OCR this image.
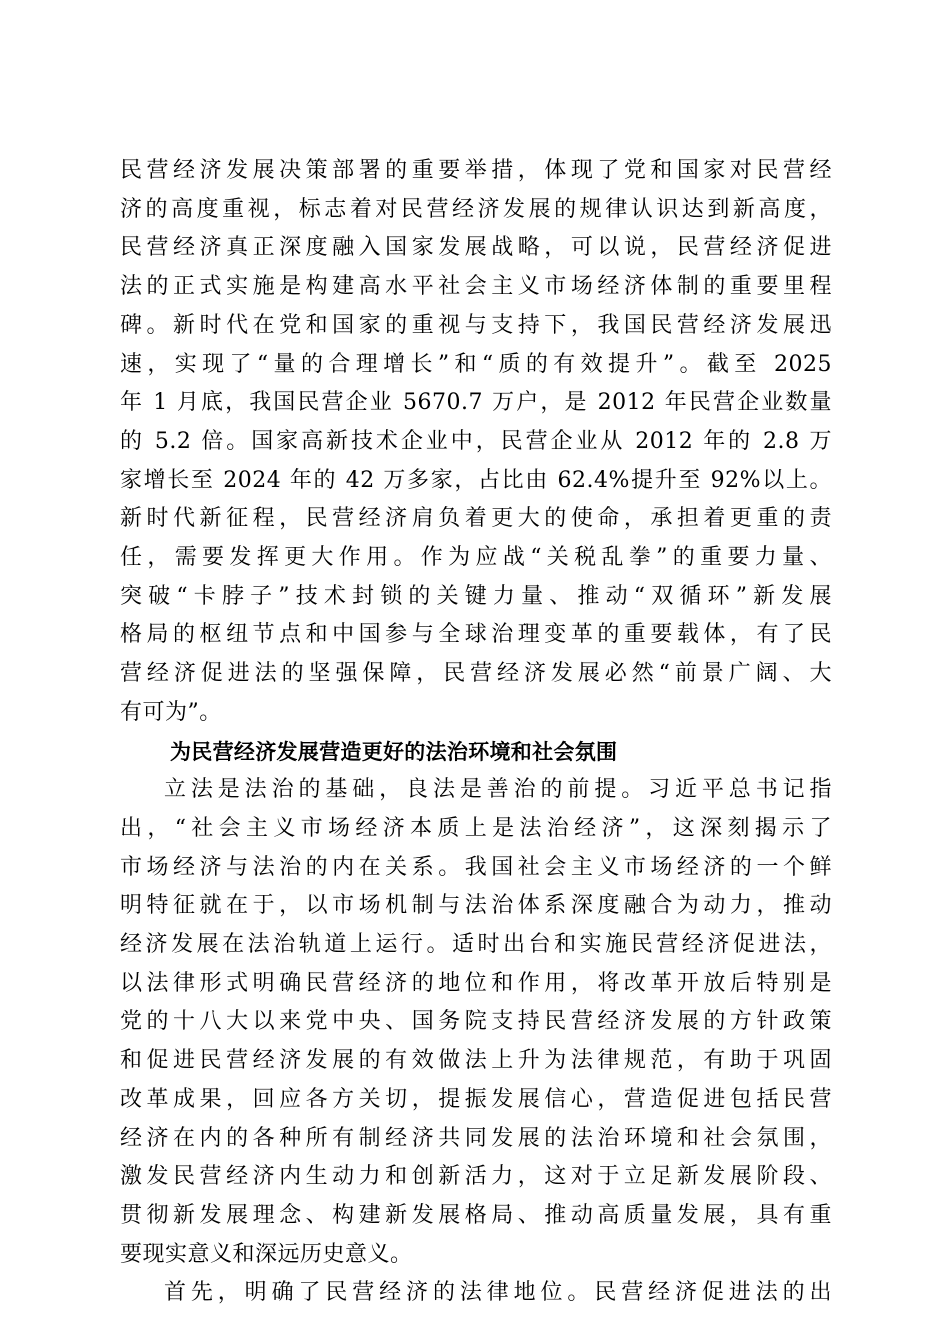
民营经济发展决策部署的重要举措，体现了党和国家对民营经
济的高度重视，标志着对民营经济发展的规律认识达到新高度，
民营经济真正深度融入国家发展战略，可以说，民营经济促进
法的正式实施是构建高水平社会主义市场经济体制的重要里程
碑。新时代在党和国家的重视与支持下，我国民营经济发展迅
速，实现了“量的合理增长”和“质的有效提升”。截至 2025
年 1 月底，我国民营企业 5670.7 万户，是 2012 年民营企业数量
的 5.2 倍。国家高新技术企业中，民营企业从 2012 年的 2.8 万
家增长至 2024 年的 42 万多家，占比由 62.4%提升至 92%以上。
新时代新征程，民营经济肩负着更大的使命，承担着更重的责
任，需要发挥更大作用。作为应战“关税乱拳”的重要力量、
突破“卡脖子”技术封锁的关键力量、推动“双循环”新发展
格局的枢纽节点和中国参与全球治理变革的重要载体，有了民
营经济促进法的坚强保障，民营经济发展必然“前景广阔、大
有可为”。
为民营经济发展营造更好的法治环境和社会氛围
立法是法治的基础，良法是善治的前提。习近平总书记指
出，“社会主义市场经济本质上是法治经济”，这深刻揭示了
市场经济与法治的内在关系。我国社会主义市场经济的一个鲜
明特征就在于，以市场机制与法治体系深度融合为动力，推动
经济发展在法治轨道上运行。适时出台和实施民营经济促进法，
以法律形式明确民营经济的地位和作用，将改革开放后特别是
党的十八大以来党中央、国务院支持民营经济发展的方针政策
和促进民营经济发展的有效做法上升为法律规范，有助于巩固
改革成果，回应各方关切，提振发展信心，营造促进包括民营
经济在内的各种所有制经济共同发展的法治环境和社会氛围，
激发民营经济内生动力和创新活力，这对于立足新发展阶段、
贯彻新发展理念、构建新发展格局、推动高质量发展，具有重
要现实意义和深远历史意义。
首先，明确了民营经济的法律地位。民营经济促进法的出
